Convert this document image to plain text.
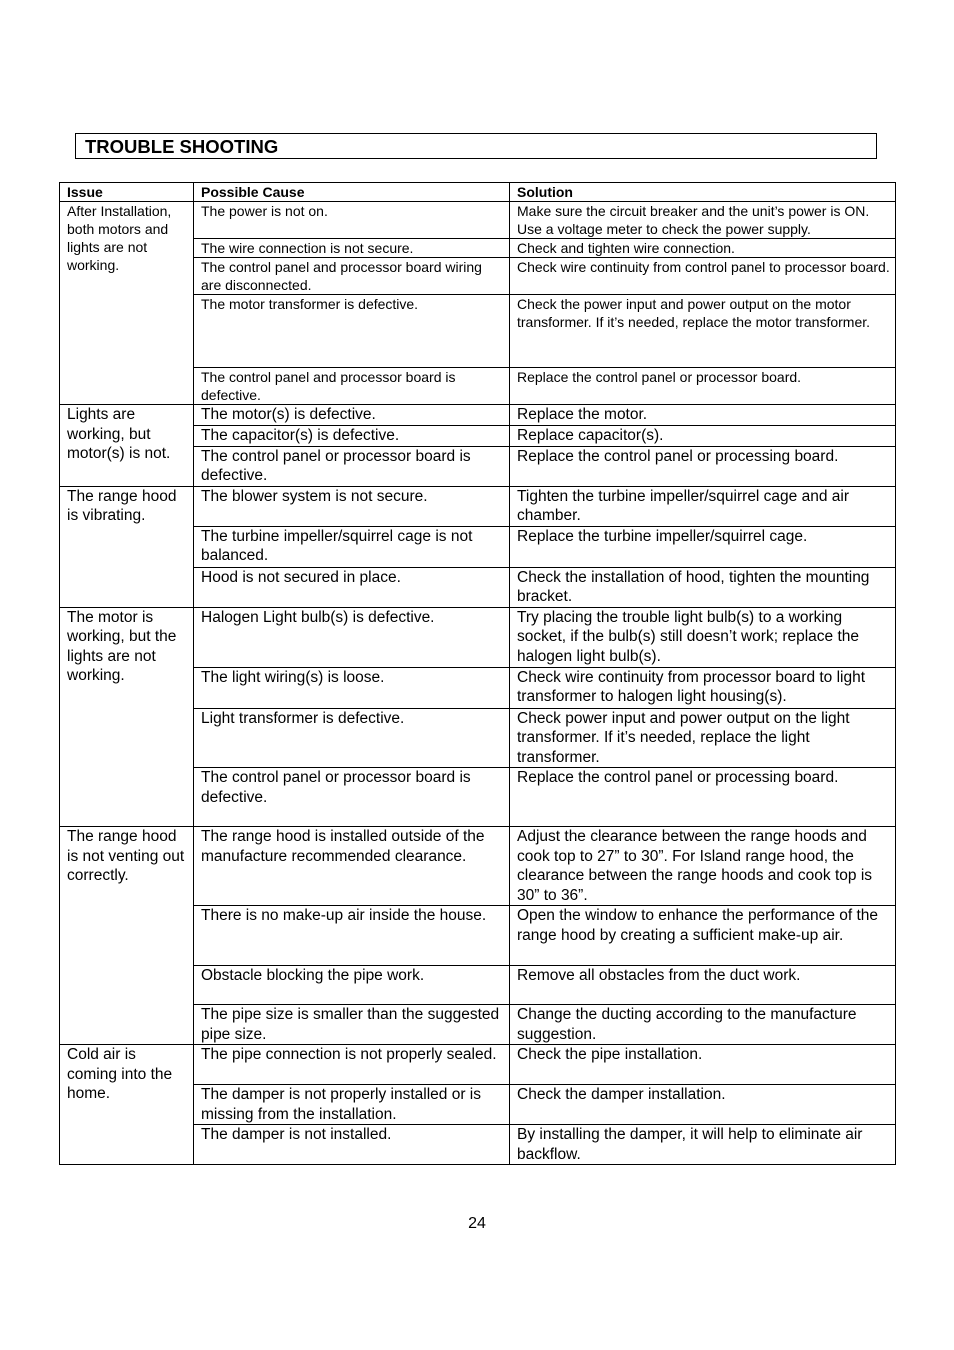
TROUBLE SHOOTING
Issue	Possible Cause	Solution
After Installation, both motors and lights are not working.	The power is not on.	Make sure the circuit breaker and the unit’s power is ON. Use a voltage meter to check the power supply.
	The wire connection is not secure.	Check and tighten wire connection.
	The control panel and processor board wiring are disconnected.	Check wire continuity from control panel to processor board.
	The motor transformer is defective.	Check the power input and power output on the motor transformer. If it’s needed, replace the motor transformer.
	The control panel and processor board is defective.	Replace the control panel or processor board.
Lights are working, but motor(s) is not.	The motor(s) is defective.	Replace the motor.
	The capacitor(s) is defective.	Replace capacitor(s).
	The control panel or processor board is defective.	Replace the control panel or processing board.
The range hood is vibrating.	The blower system is not secure.	Tighten the turbine impeller/squirrel cage and air chamber.
	The turbine impeller/squirrel cage is not balanced.	Replace the turbine impeller/squirrel cage.
	Hood is not secured in place.	Check the installation of hood, tighten the mounting bracket.
The motor is working, but the lights are not working.	Halogen Light bulb(s) is defective.	Try placing the trouble light bulb(s) to a working socket, if the bulb(s) still doesn’t work; replace the halogen light bulb(s).
	The light wiring(s) is loose.	Check wire continuity from processor board to light transformer to halogen light housing(s).
	Light transformer is defective.	Check power input and power output on the light transformer. If it’s needed, replace the light transformer.
	The control panel or processor board is defective.	Replace the control panel or processing board.
The range hood is not venting out correctly.	The range hood is installed outside of the manufacture recommended clearance.	Adjust the clearance between the range hoods and cook top to 27” to 30”. For Island range hood, the clearance between the range hoods and cook top is 30” to 36”.
	There is no make-up air inside the house.	Open the window to enhance the performance of the range hood by creating a sufficient make-up air.
	Obstacle blocking the pipe work.	Remove all obstacles from the duct work.
	The pipe size is smaller than the suggested pipe size.	Change the ducting according to the manufacture suggestion.
Cold air is coming into the home.	The pipe connection is not properly sealed.	Check the pipe installation.
	The damper is not properly installed or is missing from the installation.	Check the damper installation.
	The damper is not installed.	By installing the damper, it will help to eliminate air backflow.
24
